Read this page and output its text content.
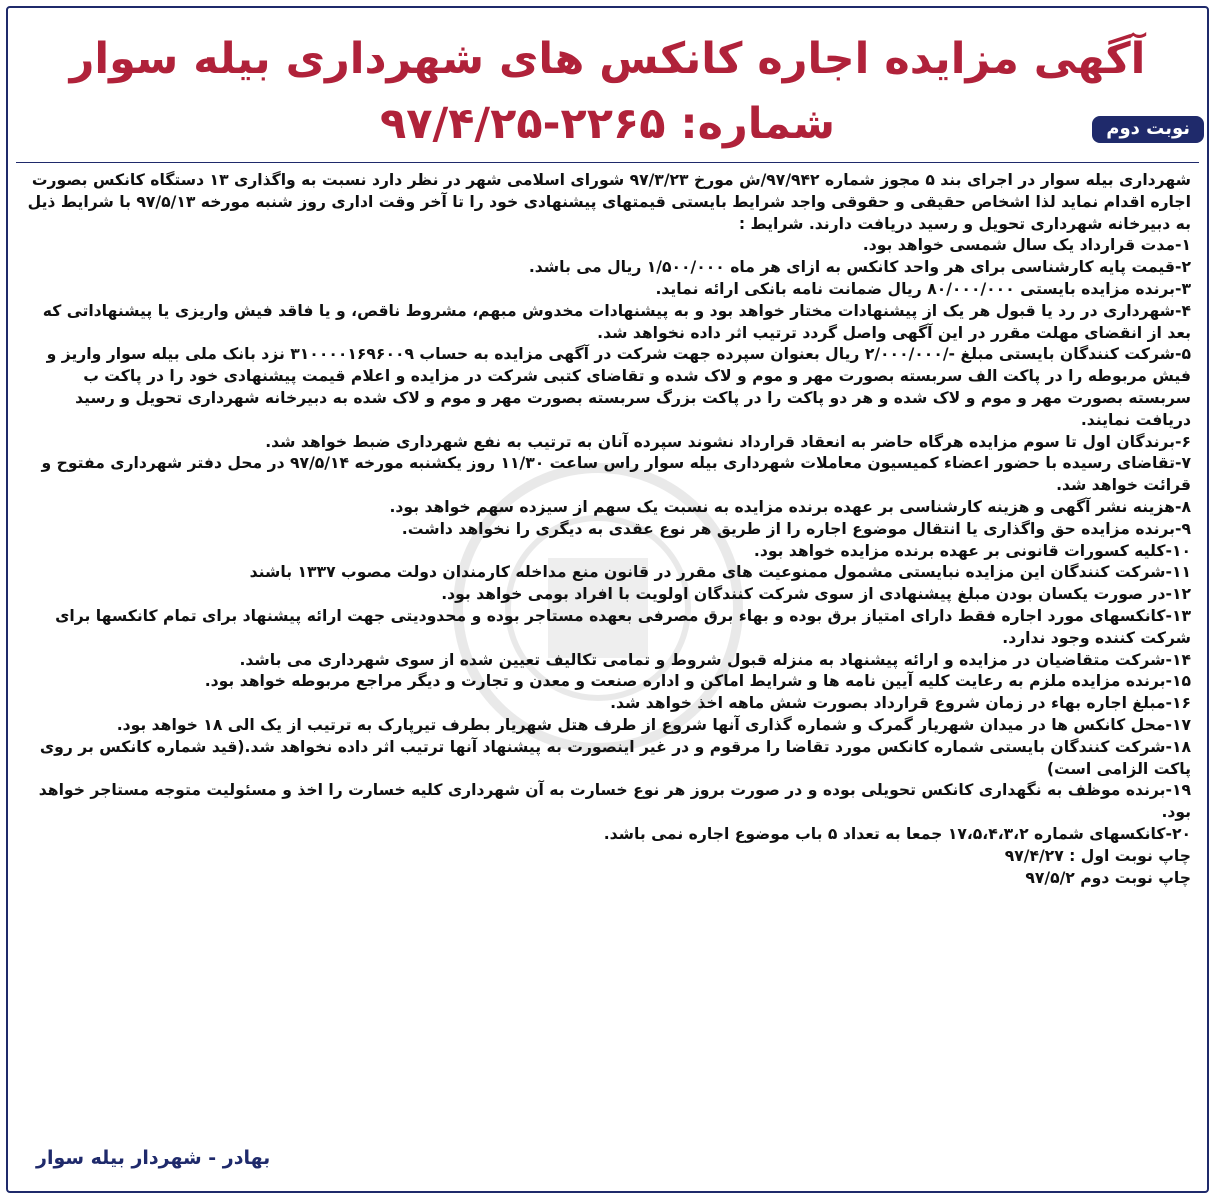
آگهی مزایده اجاره کانکس های شهرداری بیله سوار
شماره: ۲۲۶۵-۹۷/۴/۲۵	نوبت دوم

شهرداری بیله سوار در اجرای بند ۵ مجوز شماره ۹۷/۹۴۲/ش مورخ ۹۷/۳/۲۳ شورای اسلامی شهر در نظر دارد نسبت به واگذاری ۱۳ دستگاه کانکس بصورت اجاره اقدام نماید لذا اشخاص حقیقی و حقوقی واجد شرایط بایستی قیمتهای پیشنهادی خود را تا آخر وقت اداری روز شنبه مورخه ۹۷/۵/۱۳ با شرایط ذیل به دبیرخانه شهرداری تحویل و رسید دریافت دارند. شرایط :

۱-مدت قرارداد یک سال شمسی خواهد بود.

۲-قیمت پایه کارشناسی برای هر واحد کانکس به ازای هر ماه ۱/۵۰۰/۰۰۰ ریال می باشد.

۳-برنده مزایده بایستی ۸۰/۰۰۰/۰۰۰ ریال ضمانت نامه بانکی ارائه نماید.

۴-شهرداری در رد یا قبول هر یک از پیشنهادات مختار خواهد بود و به پیشنهادات مخدوش مبهم، مشروط ناقص، و یا فاقد فیش واریزی یا پیشنهاداتی که بعد از انقضای مهلت مقرر در این آگهی واصل گردد ترتیب اثر داده نخواهد شد.

۵-شرکت کنندگان بایستی مبلغ -/۲/۰۰۰/۰۰۰ ریال بعنوان سپرده جهت شرکت در آگهی مزایده به حساب ۳۱۰۰۰۰۱۶۹۶۰۰۹ نزد بانک ملی بیله سوار واریز و فیش مربوطه را در پاکت الف سربسته بصورت مهر و موم و لاک شده و تقاضای کتبی شرکت در مزایده و اعلام قیمت پیشنهادی خود را در پاکت ب سربسته بصورت مهر و موم و لاک شده و هر دو پاکت را در پاکت بزرگ سربسته بصورت مهر و موم و لاک شده به دبیرخانه شهرداری تحویل و رسید دریافت نمایند.

۶-برندگان اول تا سوم مزایده هرگاه حاضر به انعقاد قرارداد نشوند سپرده آنان به ترتیب به نفع شهرداری ضبط خواهد شد.

۷-تقاضای رسیده با حضور اعضاء کمیسیون معاملات شهرداری بیله سوار راس ساعت ۱۱/۳۰ روز یکشنبه مورخه ۹۷/۵/۱۴ در محل دفتر شهرداری مفتوح و قرائت خواهد شد.

۸-هزینه نشر آگهی و هزینه کارشناسی بر عهده برنده مزایده به نسبت یک سهم از سیزده سهم خواهد بود.

۹-برنده مزایده حق واگذاری یا انتقال موضوع اجاره را از طریق هر نوع عقدی به دیگری را نخواهد داشت.

۱۰-کلیه کسورات قانونی بر عهده برنده مزایده خواهد بود.

۱۱-شرکت کنندگان این مزایده نبایستی مشمول ممنوعیت های مقرر در قانون منع مداخله کارمندان دولت مصوب ۱۳۳۷ باشند

۱۲-در صورت یکسان بودن مبلغ پیشنهادی از سوی شرکت کنندگان اولویت با افراد بومی خواهد بود.

۱۳-کانکسهای مورد اجاره فقط دارای امتیاز برق بوده و بهاء برق مصرفی بعهده مستاجر بوده و محدودیتی جهت ارائه پیشنهاد برای تمام کانکسها برای شرکت کننده وجود ندارد.

۱۴-شرکت متقاضیان در مزایده و ارائه پیشنهاد به منزله قبول شروط و تمامی تکالیف تعیین شده از سوی شهرداری می باشد.

۱۵-برنده مزایده ملزم به رعایت کلیه آیین نامه ها و شرایط اماکن و اداره صنعت و معدن و تجارت و دیگر مراجع مربوطه خواهد بود.

۱۶-مبلغ اجاره بهاء در زمان شروع قرارداد بصورت شش ماهه اخذ خواهد شد.

۱۷-محل کانکس ها در میدان شهریار گمرک و شماره گذاری آنها شروع از طرف هتل شهریار بطرف تیرپارک به ترتیب از یک الی ۱۸ خواهد بود.

۱۸-شرکت کنندگان بایستی شماره کانکس مورد تقاضا را مرقوم و در غیر اینصورت به پیشنهاد آنها ترتیب اثر داده نخواهد شد.(قید شماره کانکس بر روی پاکت الزامی است)

۱۹-برنده موظف به نگهداری کانکس تحویلی بوده و در صورت بروز هر نوع خسارت به آن شهرداری کلیه خسارت را اخذ و مسئولیت متوجه مستاجر خواهد بود.

۲۰-کانکسهای شماره ۱۷،۵،۴،۳،۲ جمعا به تعداد ۵ باب موضوع اجاره نمی باشد.

چاپ نوبت اول : ۹۷/۴/۲۷

چاپ نوبت دوم ۹۷/۵/۲

بهادر - شهردار بیله سوار
